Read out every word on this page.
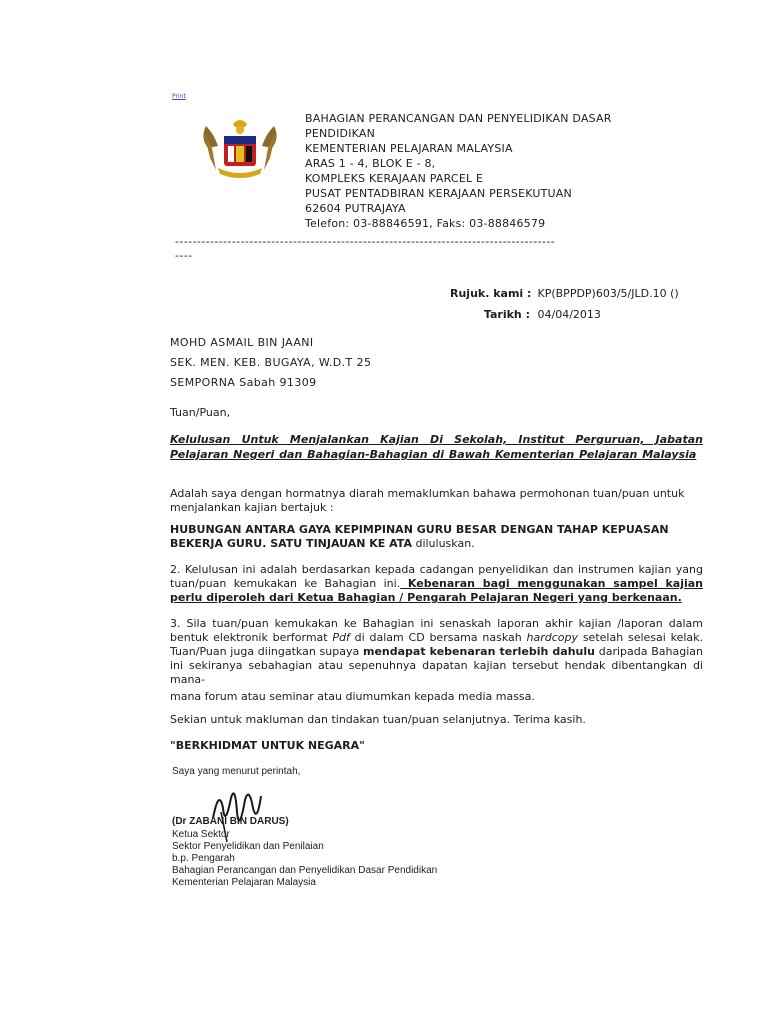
Print
BAHAGIAN PERANCANGAN DAN PENYELIDIKAN DASAR
PENDIDIKAN
KEMENTERIAN PELAJARAN MALAYSIA
ARAS 1 - 4, BLOK E - 8,
KOMPLEKS KERAJAAN PARCEL E
PUSAT PENTADBIRAN KERAJAAN PERSEKUTUAN
62604 PUTRAJAYA
Telefon: 03-88846591, Faks: 03-88846579
---------------------------------------------------------------------------------------
----
Rujuk. kami : KP(BPPDP)603/5/JLD.10 ()
Tarikh : 04/04/2013
MOHD ASMAIL BIN JAANI
SEK. MEN. KEB. BUGAYA, W.D.T 25
SEMPORNA Sabah 91309
Tuan/Puan,
Kelulusan Untuk Menjalankan Kajian Di Sekolah, Institut Perguruan, Jabatan Pelajaran Negeri dan Bahagian-Bahagian di Bawah Kementerian Pelajaran Malaysia
Adalah saya dengan hormatnya diarah memaklumkan bahawa permohonan tuan/puan untuk menjalankan kajian bertajuk :
HUBUNGAN ANTARA GAYA KEPIMPINAN GURU BESAR DENGAN TAHAP KEPUASAN BEKERJA GURU. SATU TINJAUAN KE ATA diluluskan.
2. Kelulusan ini adalah berdasarkan kepada cadangan penyelidikan dan instrumen kajian yang tuan/puan kemukakan ke Bahagian ini. Kebenaran bagi menggunakan sampel kajian perlu diperoleh dari Ketua Bahagian / Pengarah Pelajaran Negeri yang berkenaan.
3. Sila tuan/puan kemukakan ke Bahagian ini senaskah laporan akhir kajian /laporan dalam bentuk elektronik berformat Pdf di dalam CD bersama naskah hardcopy setelah selesai kelak. Tuan/Puan juga diingatkan supaya mendapat kebenaran terlebih dahulu daripada Bahagian ini sekiranya sebahagian atau sepenuhnya dapatan kajian tersebut hendak dibentangkan di mana-
mana forum atau seminar atau diumumkan kepada media massa.
Sekian untuk makluman dan tindakan tuan/puan selanjutnya. Terima kasih.
"BERKHIDMAT UNTUK NEGARA"
Saya yang menurut perintah,
(Dr ZABANI BIN DARUS)
Ketua Sektor
Sektor Penyelidikan dan Penilaian
b.p. Pengarah
Bahagian Perancangan dan Penyelidikan Dasar Pendidikan
Kementerian Pelajaran Malaysia
